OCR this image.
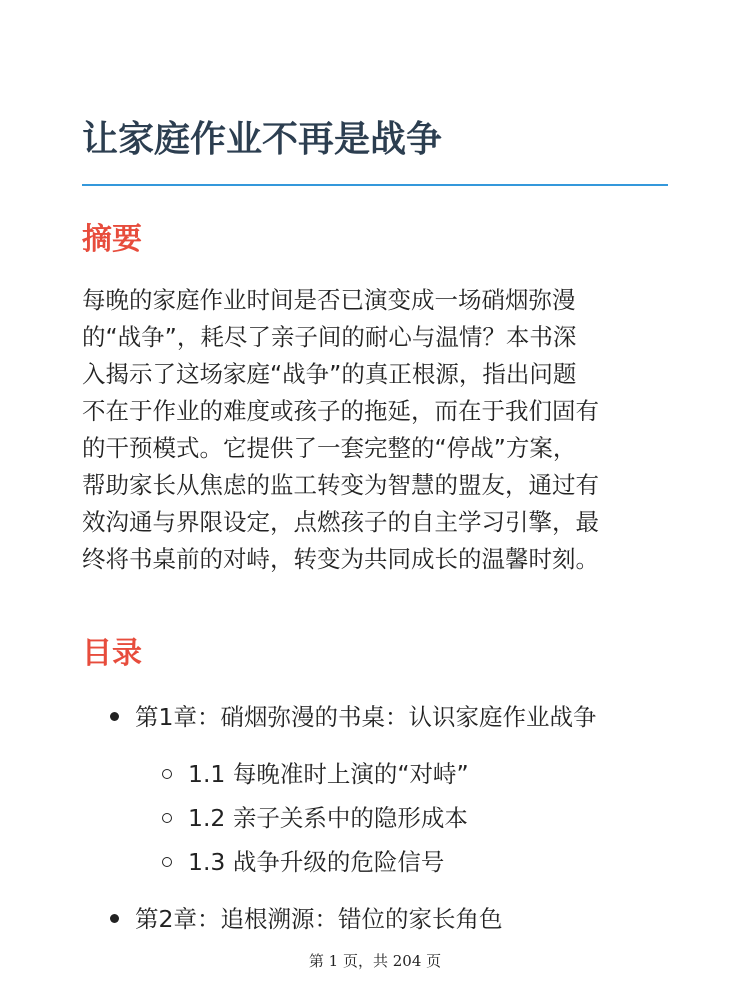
让家庭作业不再是战争
摘要

每晚的家庭作业时间是否已演变成一场硝烟弥漫
的“战争”，耗尽了亲子间的耐心与温情？本书深
入揭示了这场家庭“战争”的真正根源，指出问题
不在于作业的难度或孩子的拖延，而在于我们固有
的干预模式。它提供了一套完整的“停战”方案，
帮助家长从焦虑的监工转变为智慧的盟友，通过有
效沟通与界限设定，点燃孩子的自主学习引擎，最
终将书桌前的对峙，转变为共同成长的温馨时刻。

目录
第1章：硝烟弥漫的书桌：认识家庭作业战争
1.1 每晚准时上演的“对峙”
1.2 亲子关系中的隐形成本
1.3 战争升级的危险信号
第2章：追根溯源：错位的家长角色
第 1 页，共 204 页
